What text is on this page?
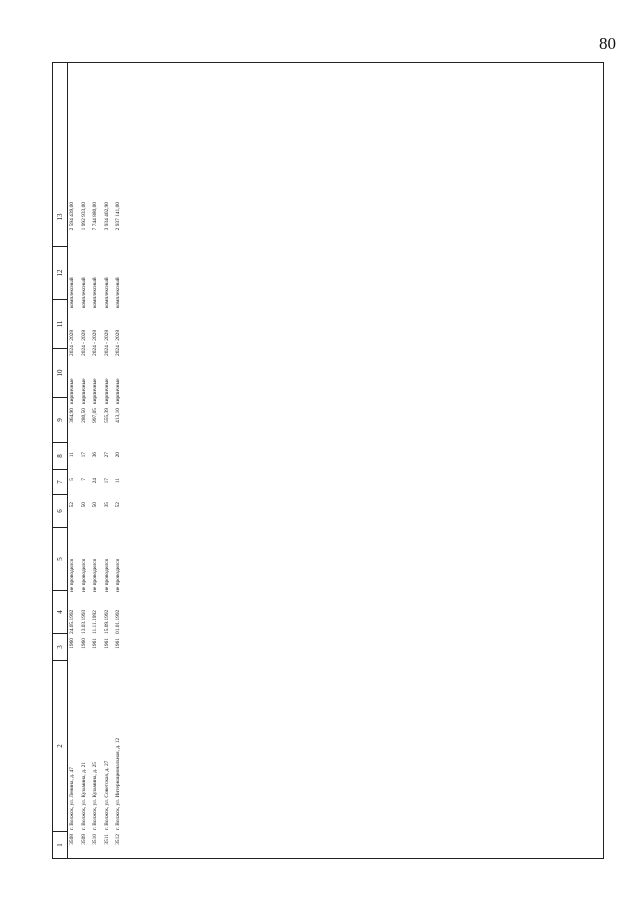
80
1
2
3
4
5
6
7
8
9
10
11
12
13
3508
г. Волжск, ул. Ленина, д. 47
1960
24.05.1992
не проводился
52
5
11
364,90
кирпичные
2024 - 2028
комплексный
2 594 439,00
3509
г. Волжск, ул. Кузьмина, д. 21
1960
13.03.1993
не проводился
50
7
17
280,50
кирпичные
2024 - 2028
комплексный
1 992 933,00
3510
г. Волжск, ул. Кузьмина, д. 25
1961
11.11.1992
не проводился
50
24
36
997,05
кирпичные
2024 - 2028
комплексный
7 744 880,00
3511
г. Волжск, ул. Советская, д. 27
1961
15.09.1992
не проводился
35
17
27
555,39
кирпичные
2024 - 2028
комплексный
3 934 402,90
3512
г. Волжск, ул. Интернациональная, д. 12
1961
01.01.1992
не проводился
52
11
20
413,10
кирпичные
2024 - 2028
комплексный
2 937 141,00
